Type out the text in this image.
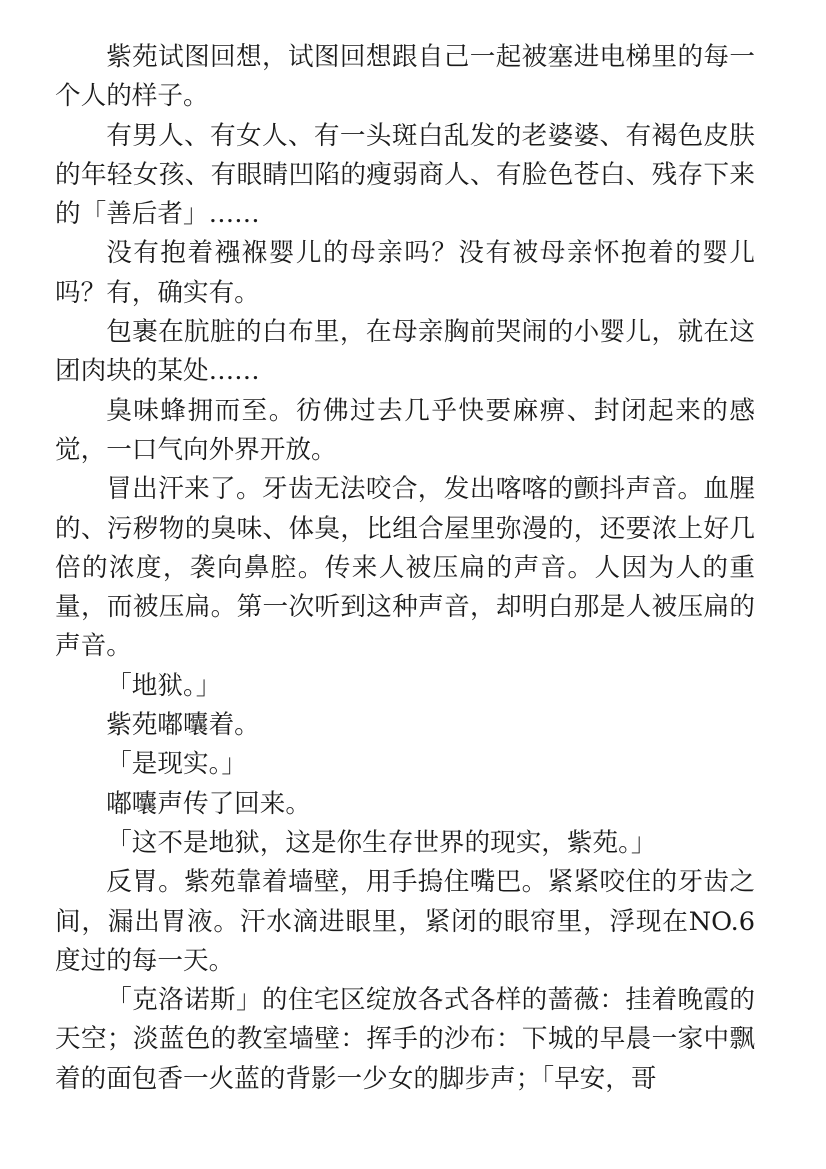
紫苑试图回想，试图回想跟自己一起被塞进电梯里的每一个人的样子。

有男人、有女人、有一头斑白乱发的老婆婆、有褐色皮肤的年轻女孩、有眼睛凹陷的瘦弱商人、有脸色苍白、残存下来的「善后者」……

没有抱着襁褓婴儿的母亲吗？没有被母亲怀抱着的婴儿吗？有，确实有。

包裹在肮脏的白布里，在母亲胸前哭闹的小婴儿，就在这团肉块的某处……

臭味蜂拥而至。彷佛过去几乎快要麻痹、封闭起来的感觉，一口气向外界开放。

冒出汗来了。牙齿无法咬合，发出喀喀的颤抖声音。血腥的、污秽物的臭味、体臭，比组合屋里弥漫的，还要浓上好几倍的浓度，袭向鼻腔。传来人被压扁的声音。人因为人的重量，而被压扁。第一次听到这种声音，却明白那是人被压扁的声音。

「地狱。」

紫苑嘟囔着。

「是现实。」

嘟囔声传了回来。

「这不是地狱，这是你生存世界的现实，紫苑。」

反胃。紫苑靠着墙壁，用手摀住嘴巴。紧紧咬住的牙齿之间，漏出胃液。汗水滴进眼里，紧闭的眼帘里，浮现在NO.6度过的每一天。

「克洛诺斯」的住宅区绽放各式各样的蔷薇：挂着晚霞的天空；淡蓝色的教室墙壁：挥手的沙布：下城的早晨一家中飘着的面包香一火蓝的背影一少女的脚步声；「早安，哥
